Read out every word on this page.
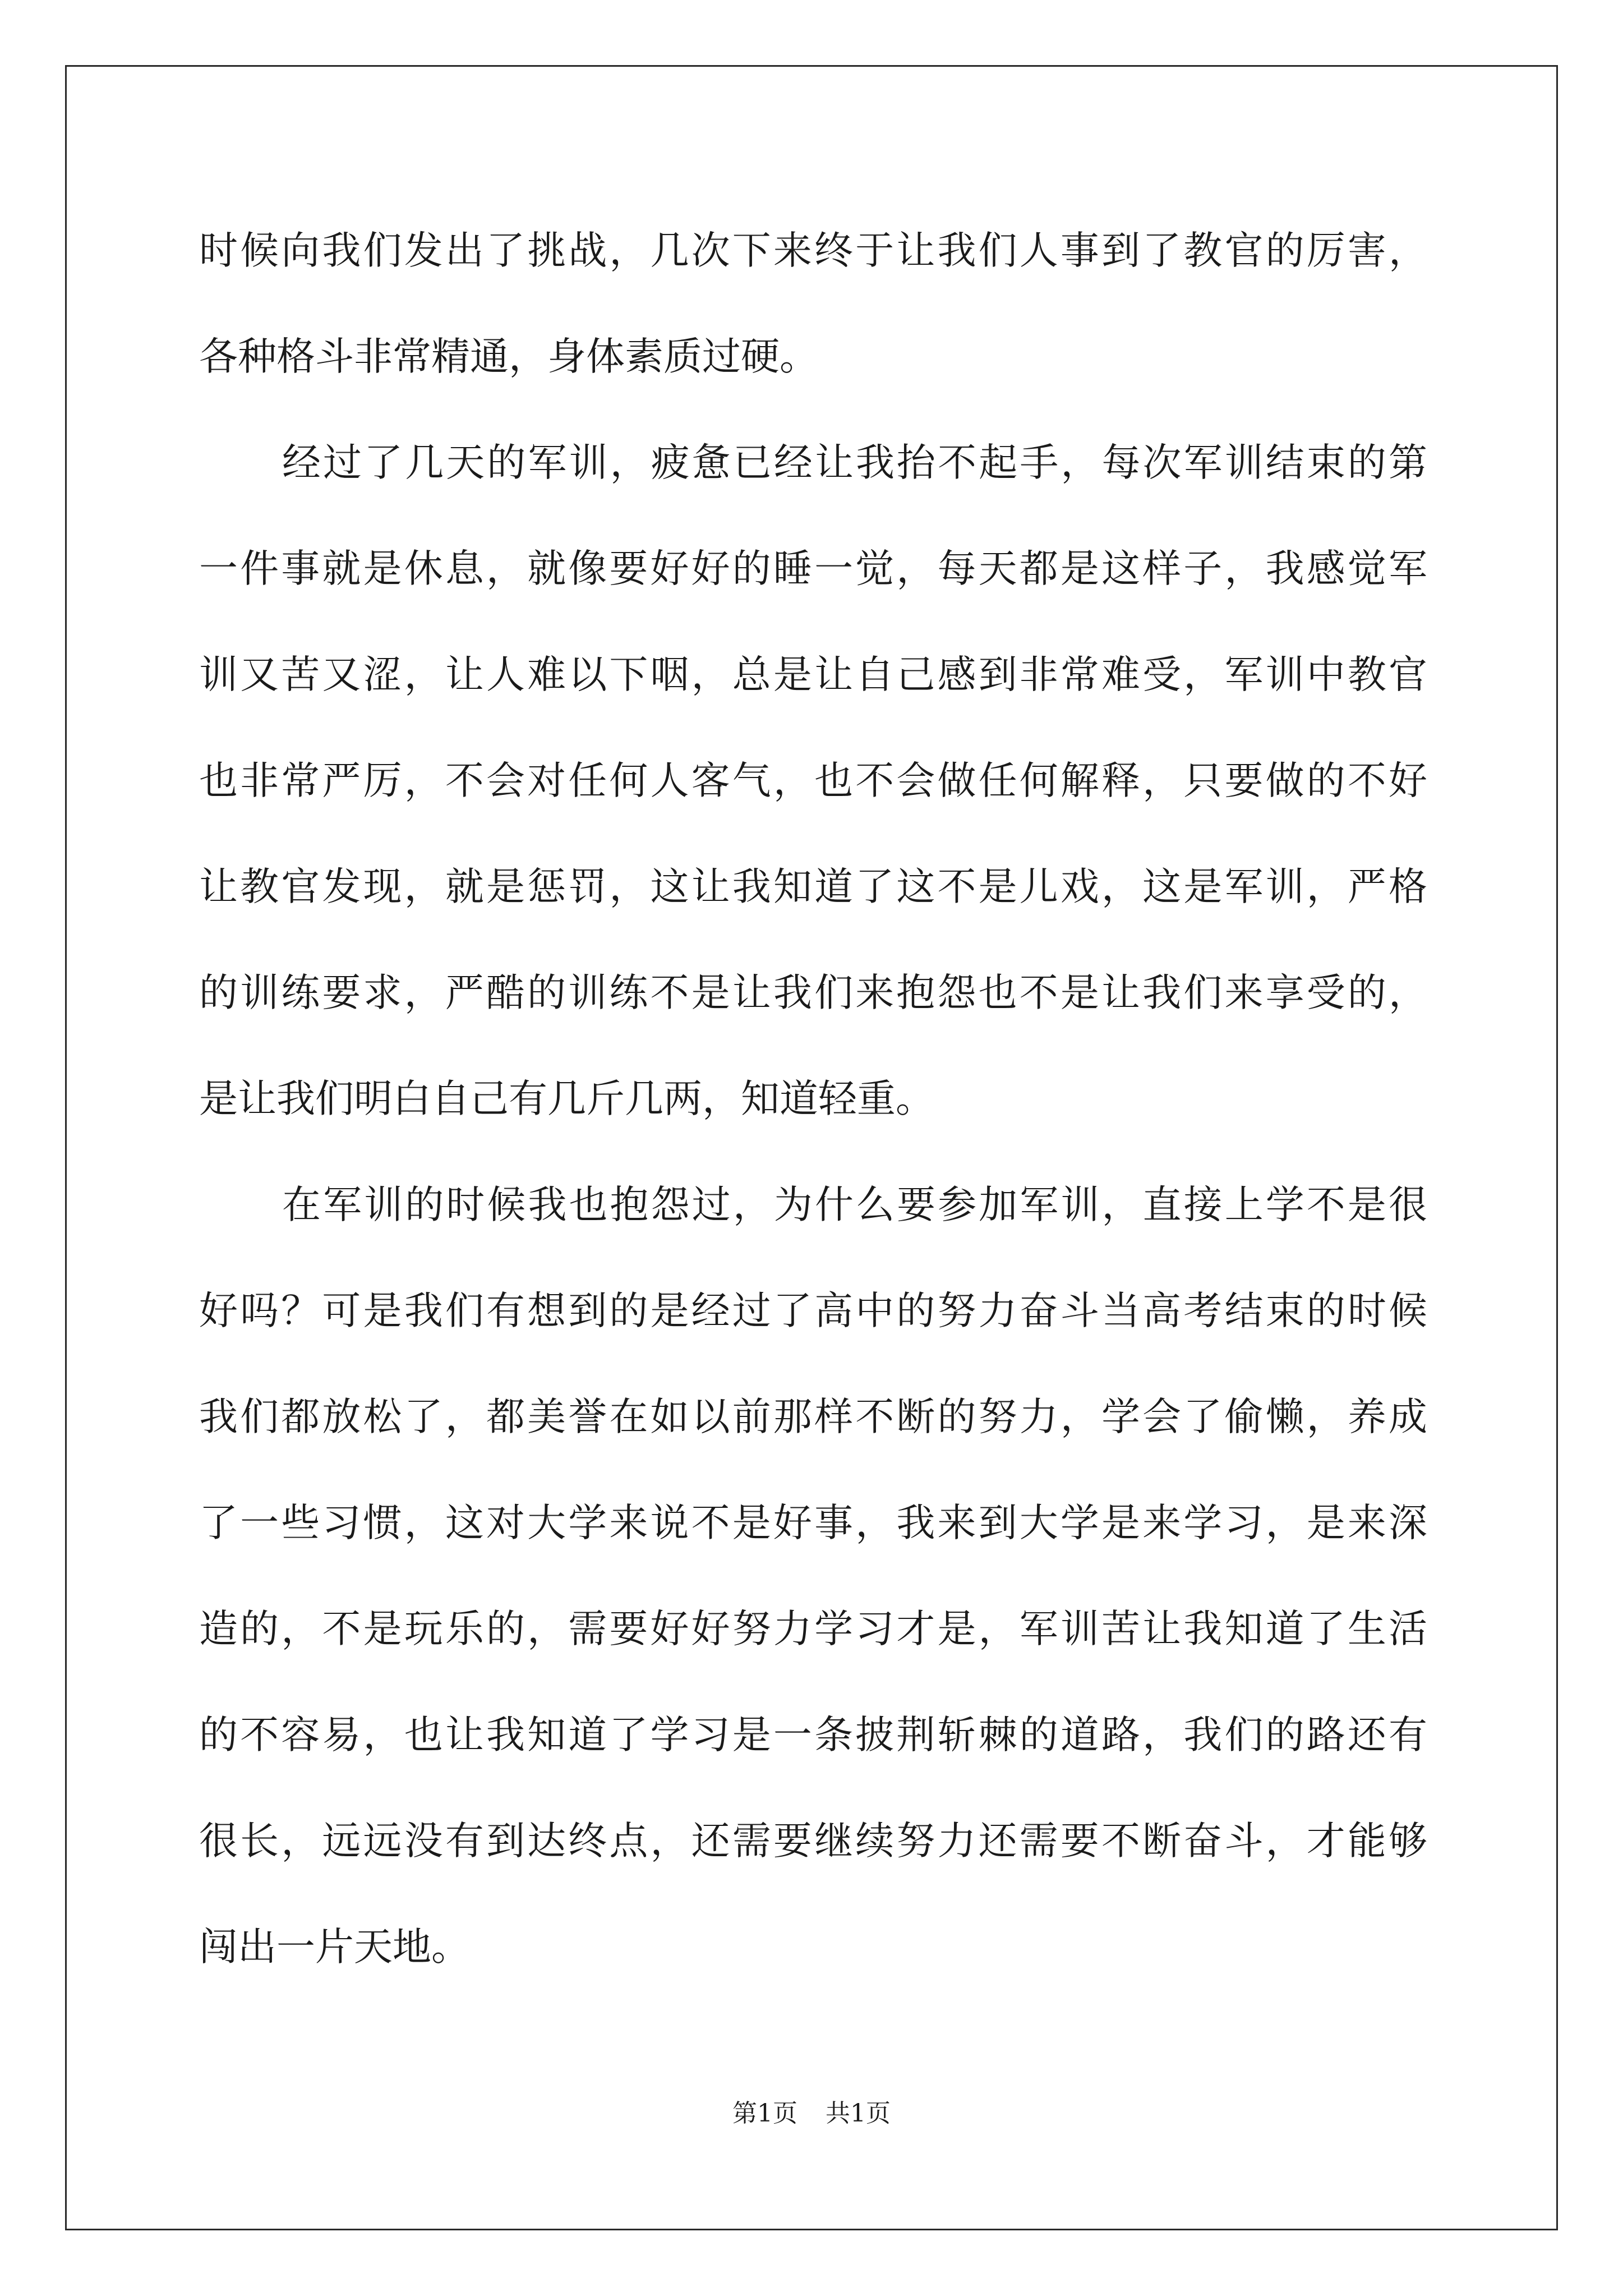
时候向我们发出了挑战，几次下来终于让我们人事到了教官的厉害，
各种格斗非常精通，身体素质过硬。
经过了几天的军训，疲惫已经让我抬不起手，每次军训结束的第
一件事就是休息，就像要好好的睡一觉，每天都是这样子，我感觉军
训又苦又涩，让人难以下咽，总是让自己感到非常难受，军训中教官
也非常严厉，不会对任何人客气，也不会做任何解释，只要做的不好
让教官发现，就是惩罚，这让我知道了这不是儿戏，这是军训，严格
的训练要求，严酷的训练不是让我们来抱怨也不是让我们来享受的，
是让我们明白自己有几斤几两，知道轻重。
在军训的时候我也抱怨过，为什么要参加军训，直接上学不是很
好吗？可是我们有想到的是经过了高中的努力奋斗当高考结束的时候
我们都放松了，都美誉在如以前那样不断的努力，学会了偷懒，养成
了一些习惯，这对大学来说不是好事，我来到大学是来学习，是来深
造的，不是玩乐的，需要好好努力学习才是，军训苦让我知道了生活
的不容易，也让我知道了学习是一条披荆斩棘的道路，我们的路还有
很长，远远没有到达终点，还需要继续努力还需要不断奋斗，才能够
闯出一片天地。
第1页 共1页
